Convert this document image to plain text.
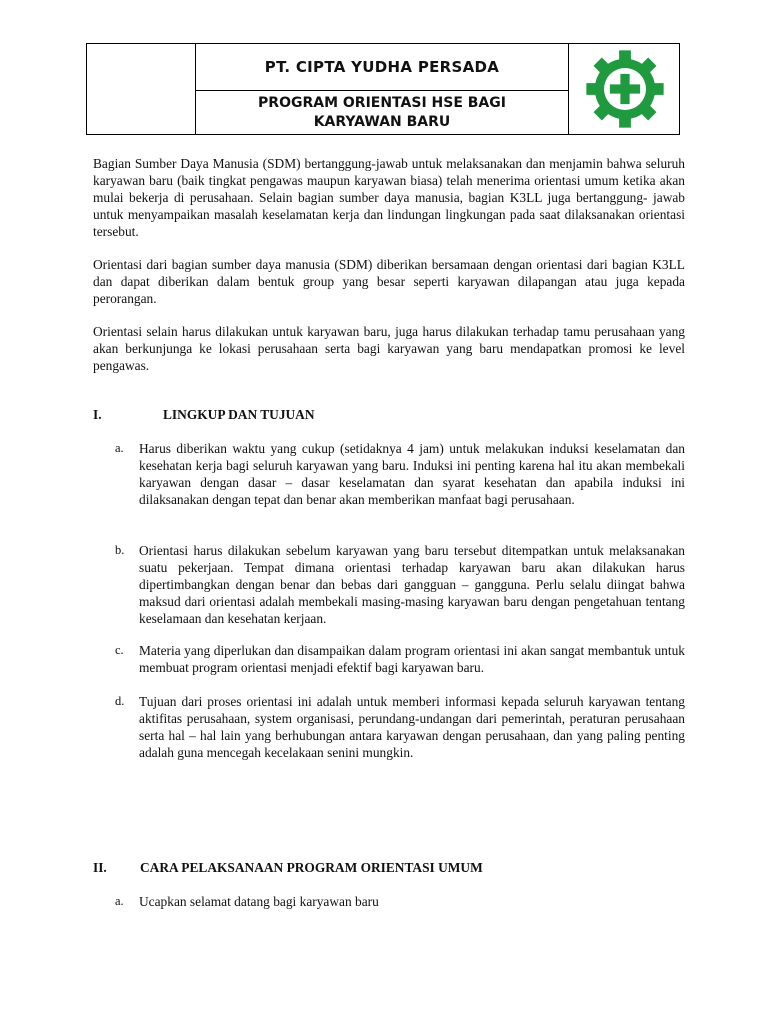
PT. CIPTA YUDHA PERSADA
PROGRAM ORIENTASI HSE BAGI KARYAWAN BARU
Bagian Sumber Daya Manusia (SDM) bertanggung-jawab untuk melaksanakan dan menjamin bahwa seluruh karyawan baru (baik tingkat pengawas maupun karyawan biasa) telah menerima orientasi umum ketika akan mulai bekerja di perusahaan. Selain bagian sumber daya manusia, bagian K3LL juga bertanggung- jawab untuk menyampaikan masalah keselamatan kerja dan lindungan lingkungan pada saat dilaksanakan orientasi tersebut.
Orientasi dari bagian sumber daya manusia (SDM) diberikan bersamaan dengan orientasi dari bagian K3LL dan dapat diberikan dalam bentuk group yang besar seperti karyawan dilapangan atau juga kepada perorangan.
Orientasi selain harus dilakukan untuk karyawan baru, juga harus dilakukan terhadap tamu perusahaan yang akan berkunjunga ke lokasi perusahaan serta bagi karyawan yang baru mendapatkan promosi ke level pengawas.
I.	LINGKUP DAN TUJUAN
a. Harus diberikan waktu yang cukup (setidaknya 4 jam) untuk melakukan induksi keselamatan dan kesehatan kerja bagi seluruh karyawan yang baru. Induksi ini penting karena hal itu akan membekali karyawan dengan dasar – dasar keselamatan dan syarat kesehatan dan apabila induksi ini dilaksanakan dengan tepat dan benar akan memberikan manfaat bagi perusahaan.
b. Orientasi harus dilakukan sebelum karyawan yang baru tersebut ditempatkan untuk melaksanakan suatu pekerjaan. Tempat dimana orientasi terhadap karyawan baru akan dilakukan harus dipertimbangkan dengan benar dan bebas dari gangguan – gangguna. Perlu selalu diingat bahwa maksud dari orientasi adalah membekali masing-masing karyawan baru dengan pengetahuan tentang keselamaan dan kesehatan kerjaan.
c. Materia yang diperlukan dan disampaikan dalam program orientasi ini akan sangat membantuk untuk membuat program orientasi menjadi efektif bagi karyawan baru.
d. Tujuan dari proses orientasi ini adalah untuk memberi informasi kepada seluruh karyawan tentang aktifitas perusahaan, system organisasi, perundang-undangan dari pemerintah, peraturan perusahaan serta hal – hal lain yang berhubungan antara karyawan dengan perusahaan, dan yang paling penting adalah guna mencegah kecelakaan senini mungkin.
II. CARA PELAKSANAAN PROGRAM ORIENTASI UMUM
a. Ucapkan selamat datang bagi karyawan baru
